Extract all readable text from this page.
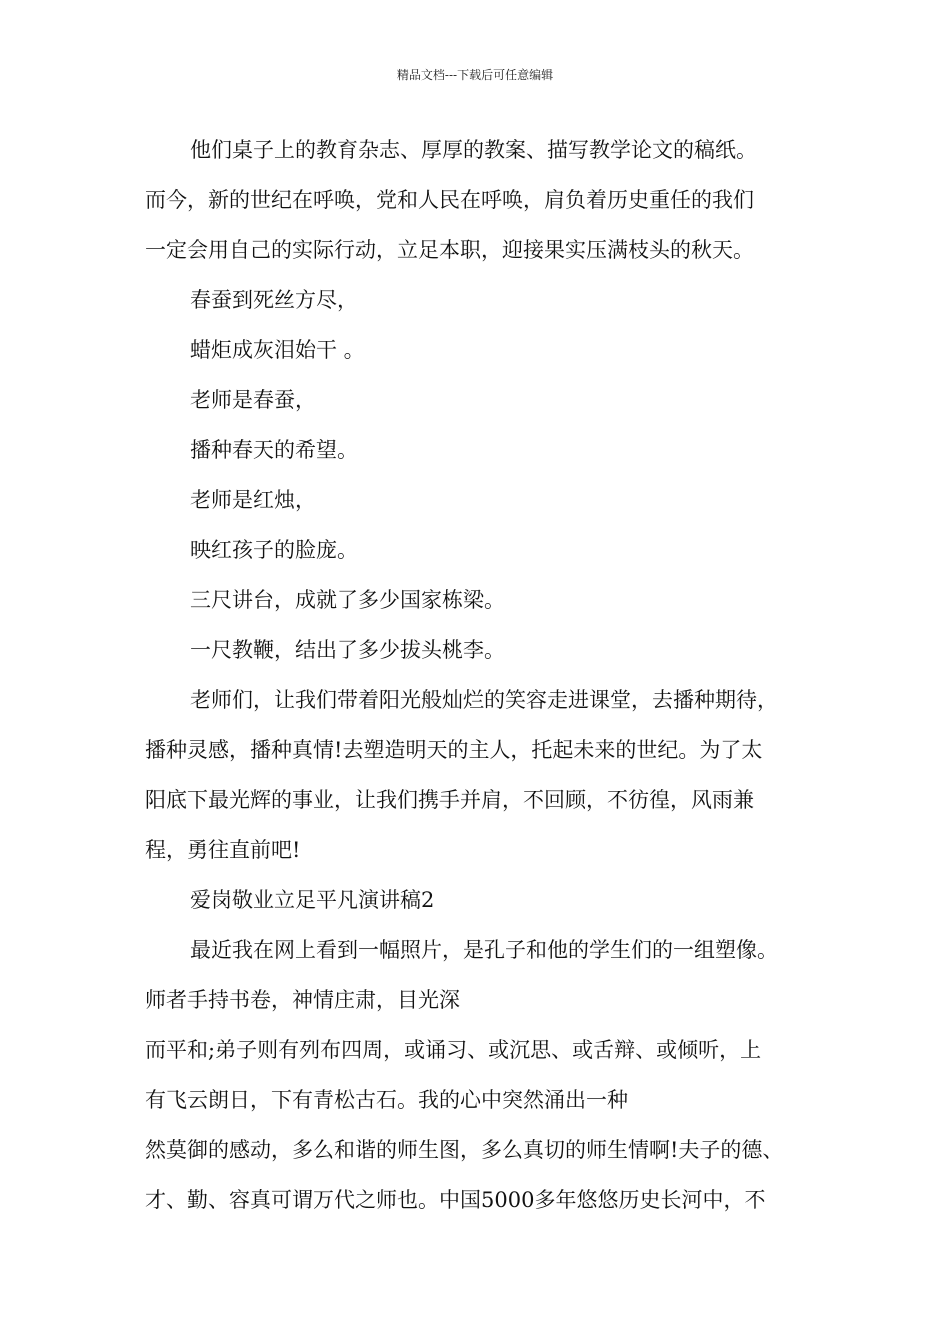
精品文档---下载后可任意编辑
他们桌子上的教育杂志、厚厚的教案、描写教学论文的稿纸。
而今，新的世纪在呼唤，党和人民在呼唤，肩负着历史重任的我们
一定会用自己的实际行动，立足本职，迎接果实压满枝头的秋天。
春蚕到死丝方尽，
蜡炬成灰泪始干 。
老师是春蚕，
播种春天的希望。
老师是红烛，
映红孩子的脸庞。
三尺讲台，成就了多少国家栋梁。
一尺教鞭，结出了多少拔头桃李。
老师们，让我们带着阳光般灿烂的笑容走进课堂，去播种期待，
播种灵感，播种真情!去塑造明天的主人，托起未来的世纪。为了太
阳底下最光辉的事业，让我们携手并肩，不回顾，不彷徨，风雨兼
程，勇往直前吧!
爱岗敬业立足平凡演讲稿2
最近我在网上看到一幅照片，是孔子和他的学生们的一组塑像。
师者手持书卷，神情庄肃，目光深
而平和;弟子则有列布四周，或诵习、或沉思、或舌辩、或倾听，上
有飞云朗日，下有青松古石。我的心中突然涌出一种
然莫御的感动，多么和谐的师生图，多么真切的师生情啊!夫子的德、
才、勤、容真可谓万代之师也。中国5000多年悠悠历史长河中，不
